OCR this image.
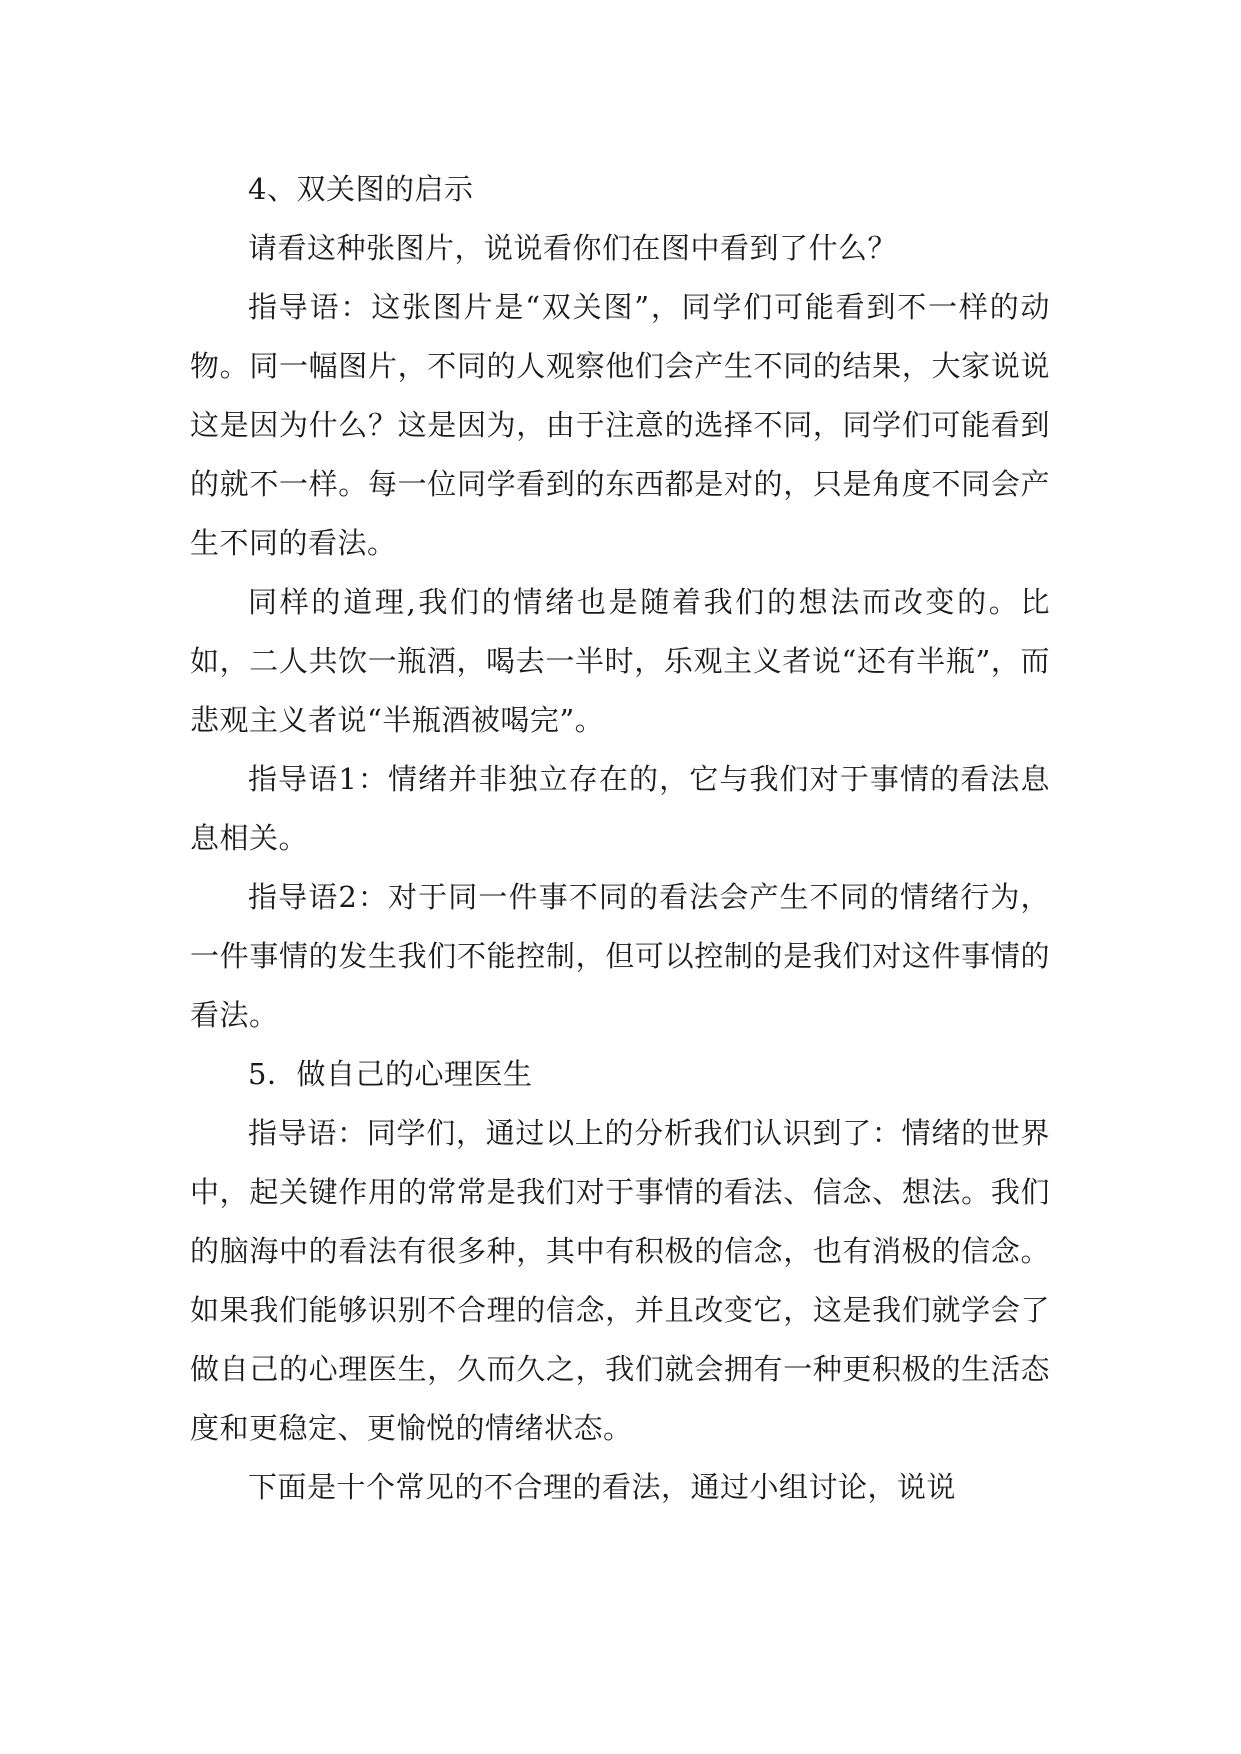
4、双关图的启示

请看这种张图片，说说看你们在图中看到了什么？

指导语：这张图片是“双关图”，同学们可能看到不一样的动物。同一幅图片，不同的人观察他们会产生不同的结果，大家说说这是因为什么？这是因为，由于注意的选择不同，同学们可能看到的就不一样。每一位同学看到的东西都是对的，只是角度不同会产生不同的看法。

同样的道理,我们的情绪也是随着我们的想法而改变的。比如，二人共饮一瓶酒，喝去一半时，乐观主义者说“还有半瓶”，而悲观主义者说“半瓶酒被喝完”。

指导语1：情绪并非独立存在的，它与我们对于事情的看法息息相关。

指导语2：对于同一件事不同的看法会产生不同的情绪行为，一件事情的发生我们不能控制，但可以控制的是我们对这件事情的看法。

5．做自己的心理医生

指导语：同学们，通过以上的分析我们认识到了：情绪的世界中，起关键作用的常常是我们对于事情的看法、信念、想法。我们的脑海中的看法有很多种，其中有积极的信念，也有消极的信念。如果我们能够识别不合理的信念，并且改变它，这是我们就学会了做自己的心理医生，久而久之，我们就会拥有一种更积极的生活态度和更稳定、更愉悦的情绪状态。

下面是十个常见的不合理的看法，通过小组讨论，说说
